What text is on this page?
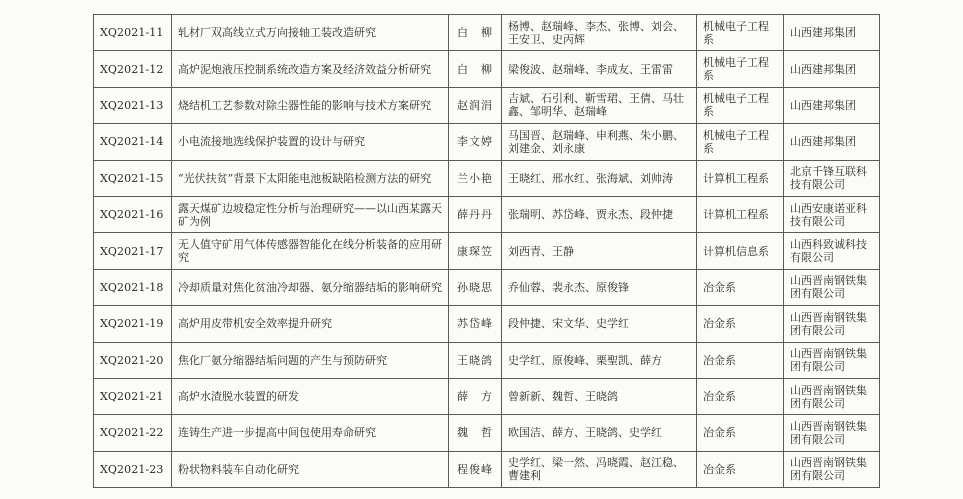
XQ2021-11	轧材厂双高线立式万向接轴工装改造研究	白　柳	杨博、赵瑞峰、李杰、张博、刘会、王安卫、史丙辉	机械电子工程系	山西建邦集团
XQ2021-12	高炉泥炮液压控制系统改造方案及经济效益分析研究	白　柳	梁俊波、赵瑞峰、李成友、王雷雷	机械电子工程系	山西建邦集团
XQ2021-13	烧结机工艺参数对除尘器性能的影响与技术方案研究	赵润涓	吉斌、石引利、靳雪珺、王倩、马壮鑫、邹明华、赵瑞峰	机械电子工程系	山西建邦集团
XQ2021-14	小电流接地选线保护装置的设计与研究	李文婷	马国晋、赵瑞峰、申利燕、朱小鹏、刘建金、刘永康	机械电子工程系	山西建邦集团
XQ2021-15	“光伏扶贫”背景下太阳能电池板缺陷检测方法的研究	兰小艳	王晓红、邢水红、张海斌、刘帅涛	计算机工程系	北京千锋互联科技有限公司
XQ2021-16	露天煤矿边坡稳定性分析与治理研究——以山西某露天矿为例	薛丹丹	张瑞明、苏岱峰、贾永杰、段仲捷	计算机工程系	山西安康诺亚科技有限公司
XQ2021-17	无人值守矿用气体传感器智能化在线分析装备的应用研究	康琛笠	刘西青、王静	计算机信息系	山西科致诚科技有限公司
XQ2021-18	冷却质量对焦化贫油冷却器、氨分缩器结垢的影响研究	孙晓思	乔仙蓉、裴永杰、原俊锋	冶金系	山西晋南钢铁集团有限公司
XQ2021-19	高炉用皮带机安全效率提升研究	苏岱峰	段仲捷、宋文华、史学红	冶金系	山西晋南钢铁集团有限公司
XQ2021-20	焦化厂氨分缩器结垢问题的产生与预防研究	王晓鸽	史学红、原俊峰、栗聖凯、薛方	冶金系	山西晋南钢铁集团有限公司
XQ2021-21	高炉水渣脱水装置的研发	薛　方	曾新新、魏哲、王晓鸽	冶金系	山西晋南钢铁集团有限公司
XQ2021-22	连铸生产进一步提高中间包使用寿命研究	魏　哲	欧国洁、薛方、王晓鸽、史学红	冶金系	山西晋南钢铁集团有限公司
XQ2021-23	粉状物料装车自动化研究	程俊峰	史学红、梁一然、冯晓霞、赵江稳、曹建利	冶金系	山西晋南钢铁集团有限公司
